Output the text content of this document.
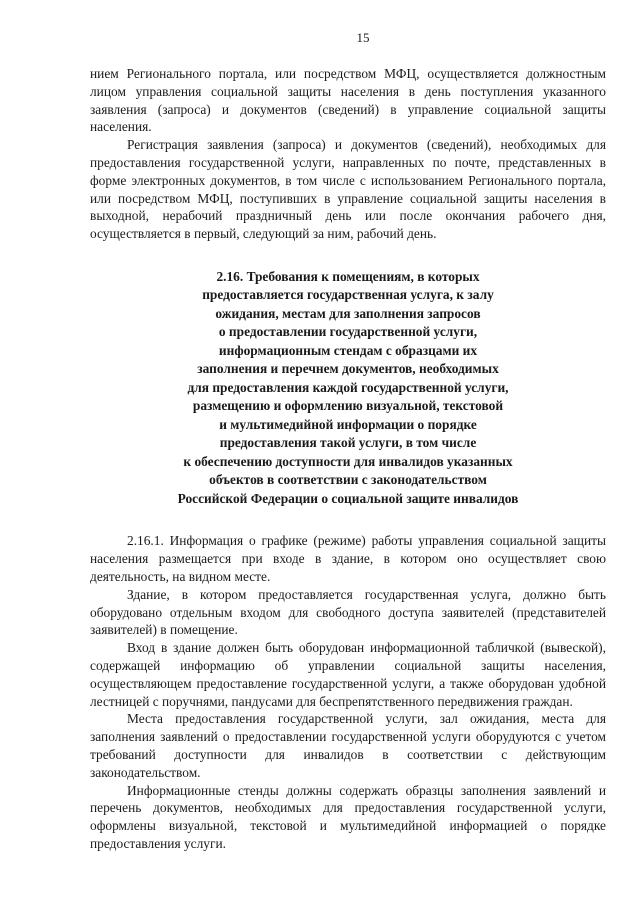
15

нием Регионального портала, или посредством МФЦ, осуществляется должностным лицом управления социальной защиты населения в день поступления указанного заявления (запроса) и документов (сведений) в управление социальной защиты населения.

Регистрация заявления (запроса) и документов (сведений), необходимых для предоставления государственной услуги, направленных по почте, представленных в форме электронных документов, в том числе с использованием Регионального портала, или посредством МФЦ, поступивших в управление социальной защиты населения в выходной, нерабочий праздничный день или после окончания рабочего дня, осуществляется в первый, следующий за ним, рабочий день.

2.16. Требования к помещениям, в которых
предоставляется государственная услуга, к залу
ожидания, местам для заполнения запросов
о предоставлении государственной услуги,
информационным стендам с образцами их
заполнения и перечнем документов, необходимых
для предоставления каждой государственной услуги,
размещению и оформлению визуальной, текстовой
и мультимедийной информации о порядке
предоставления такой услуги, в том числе
к обеспечению доступности для инвалидов указанных
объектов в соответствии с законодательством
Российской Федерации о социальной защите инвалидов

2.16.1. Информация о графике (режиме) работы управления социальной защиты населения размещается при входе в здание, в котором оно осуществляет свою деятельность, на видном месте.

Здание, в котором предоставляется государственная услуга, должно быть оборудовано отдельным входом для свободного доступа заявителей (представителей заявителей) в помещение.

Вход в здание должен быть оборудован информационной табличкой (вывеской), содержащей информацию об управлении социальной защиты населения, осуществляющем предоставление государственной услуги, а также оборудован удобной лестницей с поручнями, пандусами для беспрепятственного передвижения граждан.

Места предоставления государственной услуги, зал ожидания, места для заполнения заявлений о предоставлении государственной услуги оборудуются с учетом требований доступности для инвалидов в соответствии с действующим законодательством.

Информационные стенды должны содержать образцы заполнения заявлений и перечень документов, необходимых для предоставления государственной услуги, оформлены визуальной, текстовой и мультимедийной информацией о порядке предоставления услуги.
